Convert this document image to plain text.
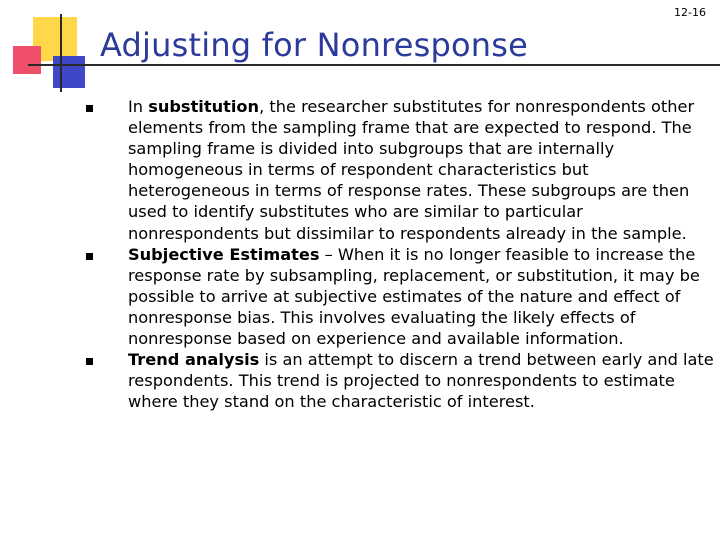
12-16
Adjusting for Nonresponse
In substitution, the researcher substitutes for nonrespondents other elements from the sampling frame that are expected to respond. The sampling frame is divided into subgroups that are internally homogeneous in terms of respondent characteristics but heterogeneous in terms of response rates. These subgroups are then used to identify substitutes who are similar to particular nonrespondents but dissimilar to respondents already in the sample.
Subjective Estimates – When it is no longer feasible to increase the response rate by subsampling, replacement, or substitution, it may be possible to arrive at subjective estimates of the nature and effect of nonresponse bias. This involves evaluating the likely effects of nonresponse based on experience and available information.
Trend analysis is an attempt to discern a trend between early and late respondents. This trend is projected to nonrespondents to estimate where they stand on the characteristic of interest.
